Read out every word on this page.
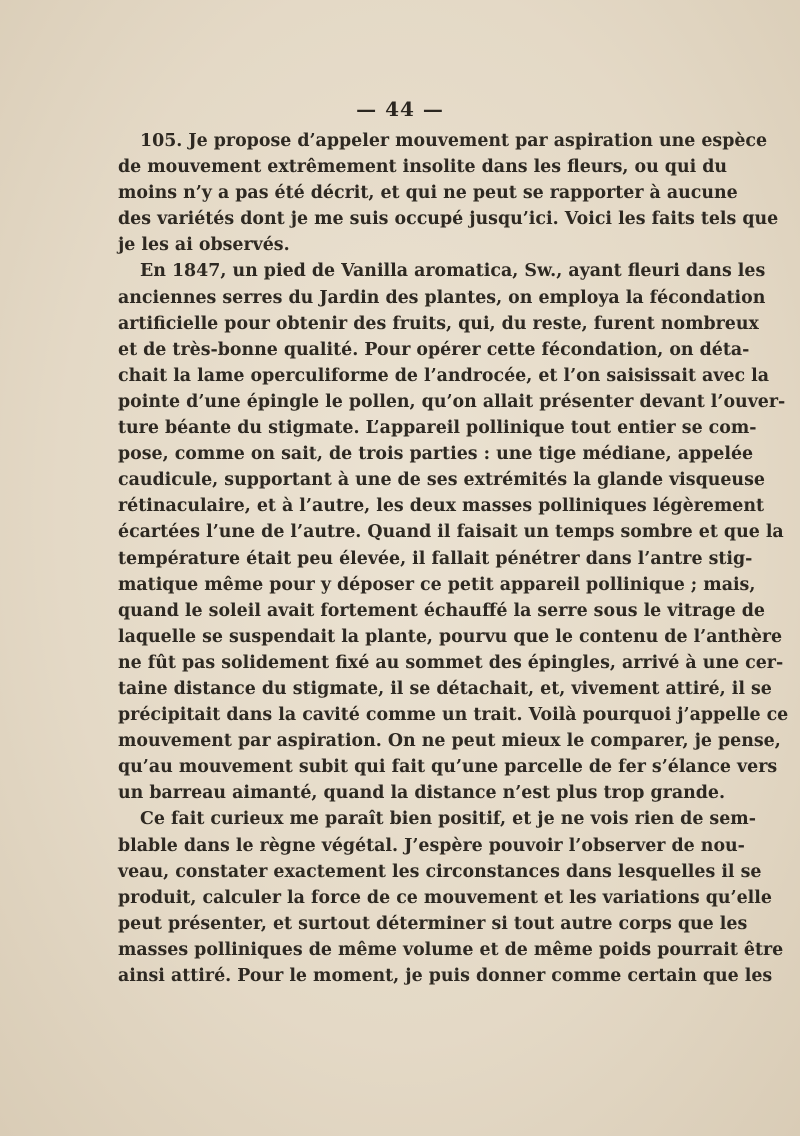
— 44 —
105. Je propose d’appeler mouvement par aspiration une espèce
de mouvement extrêmement insolite dans les fleurs, ou qui du
moins n’y a pas été décrit, et qui ne peut se rapporter à aucune
des variétés dont je me suis occupé jusqu’ici. Voici les faits tels que
je les ai observés.
En 1847, un pied de Vanilla aromatica, Sw., ayant fleuri dans les
anciennes serres du Jardin des plantes, on employa la fécondation
artificielle pour obtenir des fruits, qui, du reste, furent nombreux
et de très-bonne qualité. Pour opérer cette fécondation, on déta-
chait la lame operculiforme de l’androcée, et l’on saisissait avec la
pointe d’une épingle le pollen, qu’on allait présenter devant l’ouver-
ture béante du stigmate. L’appareil pollinique tout entier se com-
pose, comme on sait, de trois parties : une tige médiane, appelée
caudicule, supportant à une de ses extrémités la glande visqueuse
rétinaculaire, et à l’autre, les deux masses polliniques légèrement
écartées l’une de l’autre. Quand il faisait un temps sombre et que la
température était peu élevée, il fallait pénétrer dans l’antre stig-
matique même pour y déposer ce petit appareil pollinique ; mais,
quand le soleil avait fortement échauffé la serre sous le vitrage de
laquelle se suspendait la plante, pourvu que le contenu de l’anthère
ne fût pas solidement fixé au sommet des épingles, arrivé à une cer-
taine distance du stigmate, il se détachait, et, vivement attiré, il se
précipitait dans la cavité comme un trait. Voilà pourquoi j’appelle ce
mouvement par aspiration. On ne peut mieux le comparer, je pense,
qu’au mouvement subit qui fait qu’une parcelle de fer s’élance vers
un barreau aimanté, quand la distance n’est plus trop grande.
Ce fait curieux me paraît bien positif, et je ne vois rien de sem-
blable dans le règne végétal. J’espère pouvoir l’observer de nou-
veau, constater exactement les circonstances dans lesquelles il se
produit, calculer la force de ce mouvement et les variations qu’elle
peut présenter, et surtout déterminer si tout autre corps que les
masses polliniques de même volume et de même poids pourrait être
ainsi attiré. Pour le moment, je puis donner comme certain que les
